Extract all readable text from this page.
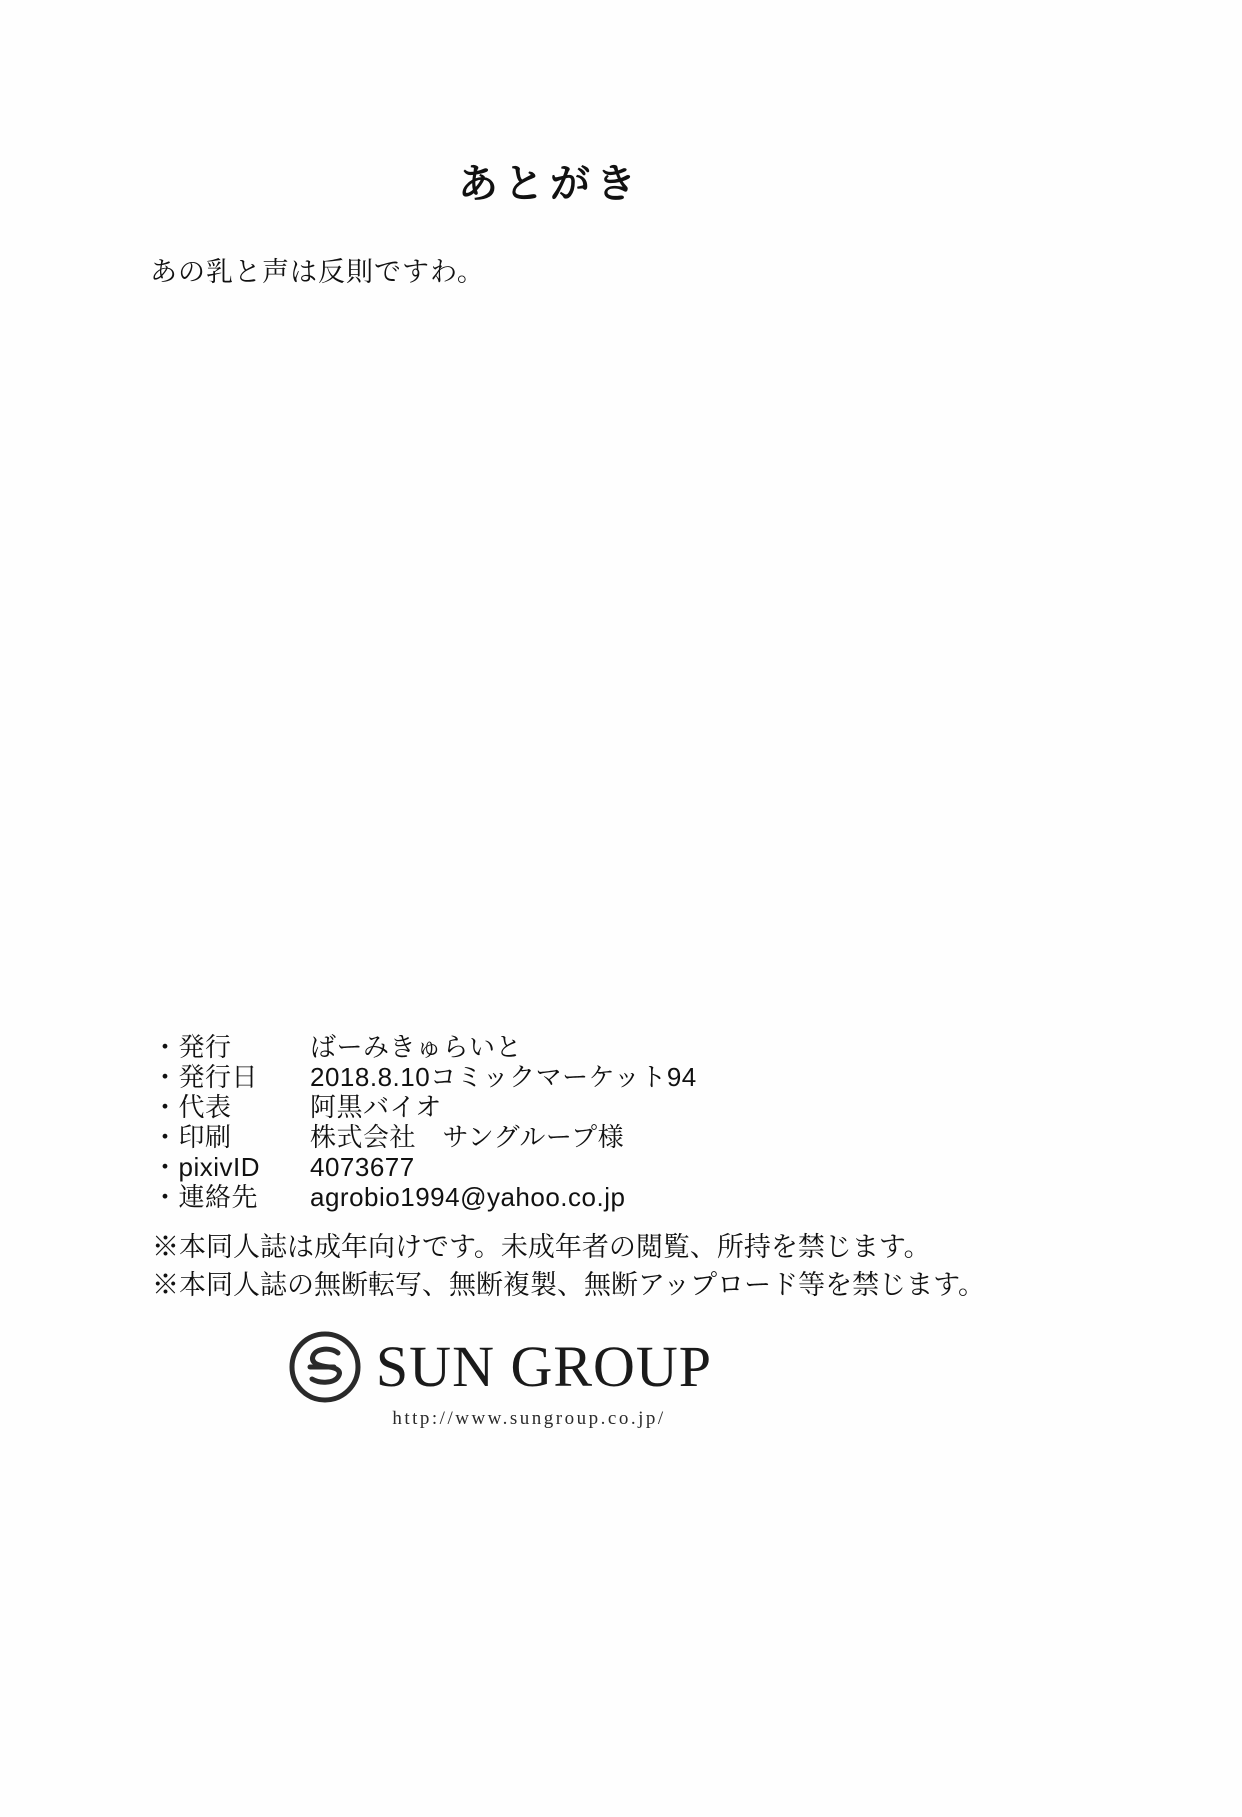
あとがき
あの乳と声は反則ですわ。
・発行	ばーみきゅらいと
・発行日	2018.8.10 コミックマーケット94
・代表	阿黒バイオ
・印刷	株式会社　サングループ 様
・pixivID	4073677
・連絡先	agrobio1994@yahoo.co.jp
※本同人誌は成年向けです。未成年者の閲覧、所持を禁じます。
※本同人誌の無断転写、無断複製、無断アップロード等を禁じます。
SUN GROUP
http://www.sungroup.co.jp/
